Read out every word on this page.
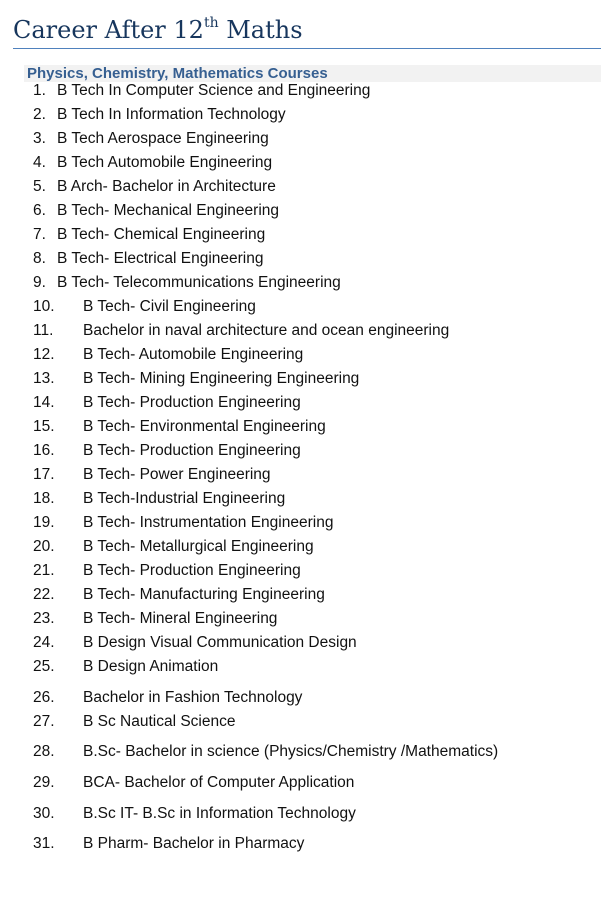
Career After 12th Maths
Physics, Chemistry, Mathematics Courses
1. B Tech In Computer Science and Engineering
2. B Tech In Information Technology
3. B Tech Aerospace Engineering
4. B Tech Automobile Engineering
5. B Arch- Bachelor in Architecture
6. B Tech- Mechanical Engineering
7. B Tech- Chemical Engineering
8. B Tech- Electrical Engineering
9. B Tech- Telecommunications Engineering
10. B Tech- Civil Engineering
11. Bachelor in naval architecture and ocean engineering
12. B Tech- Automobile Engineering
13. B Tech- Mining Engineering Engineering
14. B Tech- Production Engineering
15. B Tech- Environmental Engineering
16. B Tech- Production Engineering
17. B Tech- Power Engineering
18. B Tech-Industrial Engineering
19. B Tech- Instrumentation Engineering
20. B Tech- Metallurgical Engineering
21. B Tech- Production Engineering
22. B Tech- Manufacturing Engineering
23. B Tech- Mineral Engineering
24. B Design Visual Communication Design
25. B Design Animation
26. Bachelor in Fashion Technology
27. B Sc Nautical Science
28. B.Sc- Bachelor in science (Physics/Chemistry /Mathematics)
29. BCA- Bachelor of Computer Application
30. B.Sc IT- B.Sc in Information Technology
31. B Pharm- Bachelor in Pharmacy
